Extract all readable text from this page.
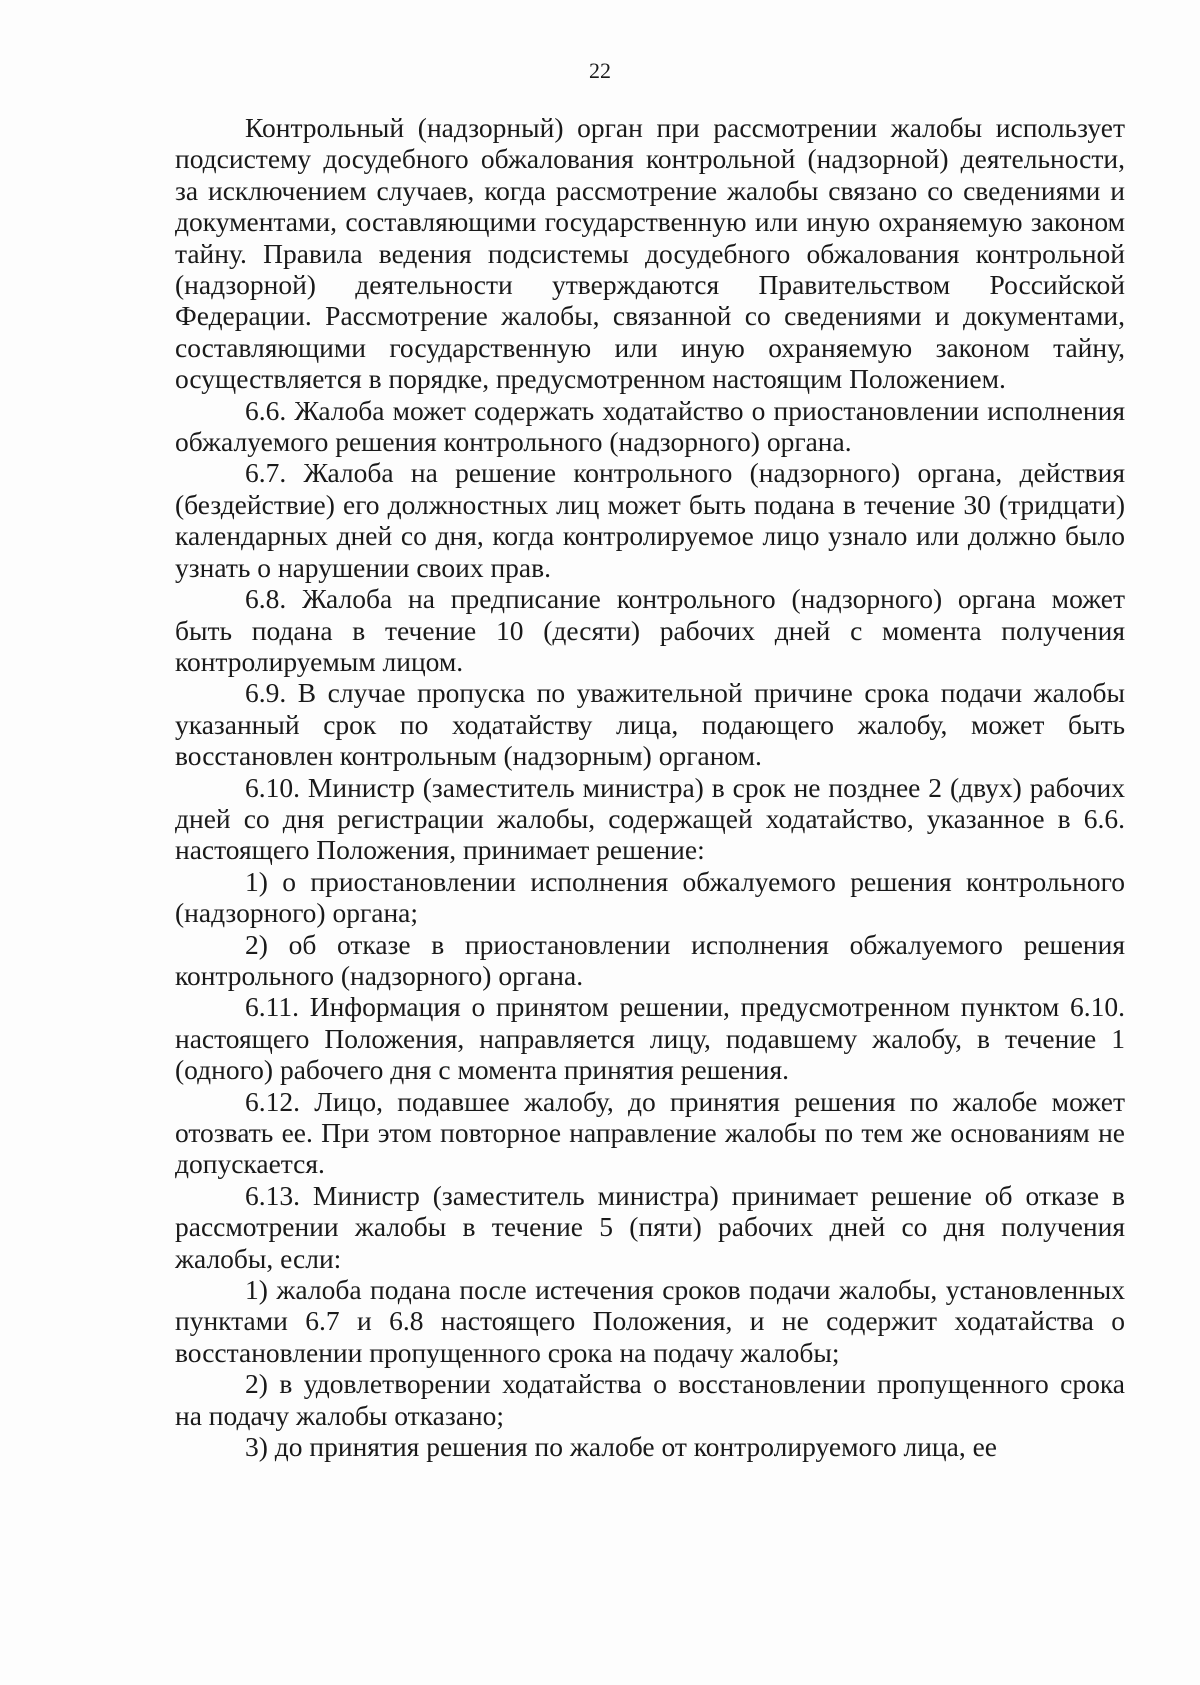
22

Контрольный (надзорный) орган при рассмотрении жалобы использует подсистему досудебного обжалования контрольной (надзорной) деятельности, за исключением случаев, когда рассмотрение жалобы связано со сведениями и документами, составляющими государственную или иную охраняемую законом тайну. Правила ведения подсистемы досудебного обжалования контрольной (надзорной) деятельности утверждаются Правительством Российской Федерации. Рассмотрение жалобы, связанной со сведениями и документами, составляющими государственную или иную охраняемую законом тайну, осуществляется в порядке, предусмотренном настоящим Положением.

6.6. Жалоба может содержать ходатайство о приостановлении исполнения обжалуемого решения контрольного (надзорного) органа.

6.7. Жалоба на решение контрольного (надзорного) органа, действия (бездействие) его должностных лиц может быть подана в течение 30 (тридцати) календарных дней со дня, когда контролируемое лицо узнало или должно было узнать о нарушении своих прав.

6.8. Жалоба на предписание контрольного (надзорного) органа может быть подана в течение 10 (десяти) рабочих дней с момента получения контролируемым лицом.

6.9. В случае пропуска по уважительной причине срока подачи жалобы указанный срок по ходатайству лица, подающего жалобу, может быть восстановлен контрольным (надзорным) органом.

6.10. Министр (заместитель министра) в срок не позднее 2 (двух) рабочих дней со дня регистрации жалобы, содержащей ходатайство, указанное в 6.6. настоящего Положения, принимает решение:

1) о приостановлении исполнения обжалуемого решения контрольного (надзорного) органа;

2) об отказе в приостановлении исполнения обжалуемого решения контрольного (надзорного) органа.

6.11. Информация о принятом решении, предусмотренном пунктом 6.10. настоящего Положения, направляется лицу, подавшему жалобу, в течение 1 (одного) рабочего дня с момента принятия решения.

6.12. Лицо, подавшее жалобу, до принятия решения по жалобе может отозвать ее. При этом повторное направление жалобы по тем же основаниям не допускается.

6.13. Министр (заместитель министра) принимает решение об отказе в рассмотрении жалобы в течение 5 (пяти) рабочих дней со дня получения жалобы, если:

1) жалоба подана после истечения сроков подачи жалобы, установленных пунктами 6.7 и 6.8 настоящего Положения, и не содержит ходатайства о восстановлении пропущенного срока на подачу жалобы;

2) в удовлетворении ходатайства о восстановлении пропущенного срока на подачу жалобы отказано;

3) до принятия решения по жалобе от контролируемого лица, ее
